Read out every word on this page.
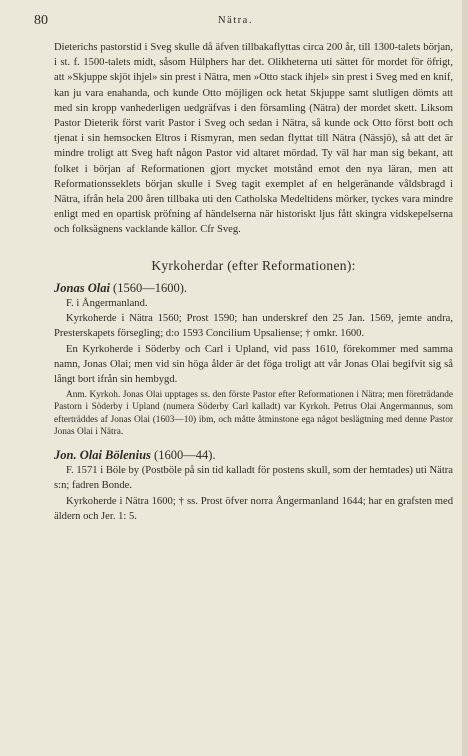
80	Nätra.

Dieterichs pastorstid i Sveg skulle då äfven tillbakaflyttas circa 200 år, till 1300-talets början, i st. f. 1500-talets midt, såsom Hülphers har det. Olikheterna uti sättet för mordet för öfrigt, att »Skjuppe skjöt ihjel» sin prest i Nätra, men »Otto stack ihjel» sin prest i Sveg med en knif, kan ju vara enahanda, och kunde Otto möjligen ock hetat Skjuppe samt slutligen dömts att med sin kropp vanhederligen uedgräfvas i den församling (Nätra) der mordet skett. Liksom Pastor Dieterik först varit Pastor i Sveg och sedan i Nätra, så kunde ock Otto först bott och tjenat i sin hemsocken Eltros i Rismyran, men sedan flyttat till Nätra (Nässjö), så att det är mindre troligt att Sveg haft någon Pastor vid altaret mördad. Ty väl har man sig bekant, att folket i början af Reformationen gjort mycket motstånd emot den nya läran, men att Reformationsseklets början skulle i Sveg tagit exemplet af en helgeränande våldsbragd i Nätra, ifrån hela 200 åren tillbaka uti den Catholska Medeltidens mörker, tyckes vara mindre enligt med en opartisk pröfning af händelserna när historiskt ljus fått skingra vidskepelserna och folksägnens vacklande källor. Cfr Sveg.

Kyrkoherdar (efter Reformationen):
Jonas Olai (1560—1600).

F. i Ångermanland.

Kyrkoherde i Nätra 1560; Prost 1590; han underskref den 25 Jan. 1569, jemte andra, Presterskapets försegling; d:o 1593 Concilium Upsaliense; † omkr. 1600.

En Kyrkoherde i Söderby och Carl i Upland, vid pass 1610, förekommer med samma namn, Jonas Olai; men vid sin höga ålder är det föga troligt att vår Jonas Olai begifvit sig så långt bort ifrån sin hembygd.

Anm. Kyrkoh. Jonas Olai upptages ss. den förste Pastor efter Reformationen i Nätra; men företrädande Pastorn i Söderby i Upland (numera Söderby Carl kalladt) var Kyrkoh. Petrus Olai Angermannus, som efterträddes af Jonas Olai (1603—10) ibm, och måtte åtminstone ega något beslägtning med denne Pastor Jonas Olai i Nätra.

Jon. Olai Bölenius (1600—44).

F. 1571 i Böle by (Postböle på sin tid kalladt för postens skull, som der hemtades) uti Nätra s:n; fadren Bonde.

Kyrkoherde i Nätra 1600; † ss. Prost öfver norra Ångermanland 1644; har en grafsten med äldern och Jer. 1: 5.
